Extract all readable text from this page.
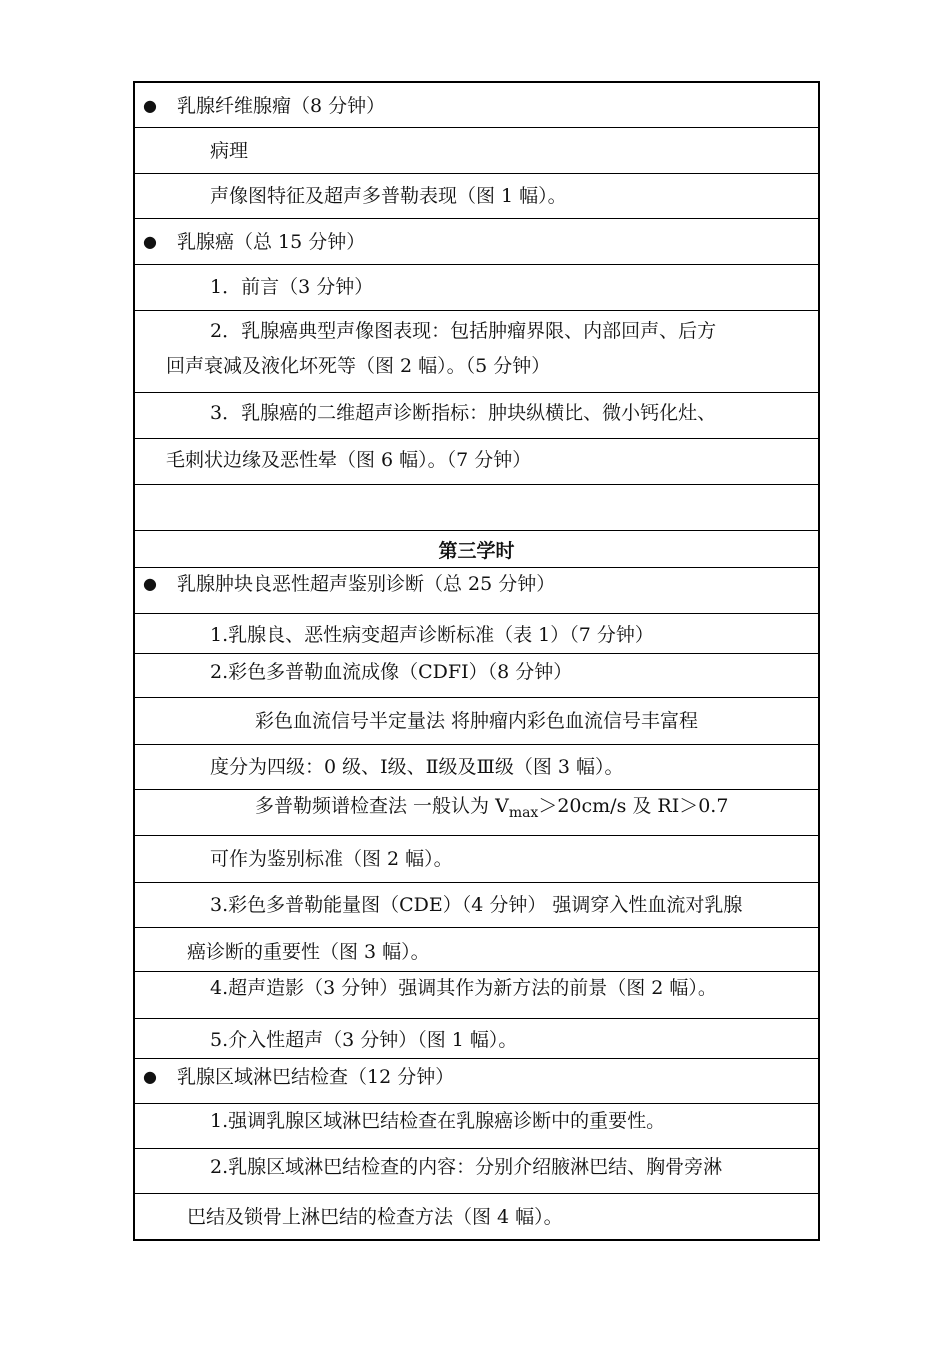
● 乳腺纤维腺瘤（8 分钟）
病理
声像图特征及超声多普勒表现（图 1 幅）。
● 乳腺癌（总 15 分钟）
1．前言（3 分钟）
2．乳腺癌典型声像图表现：包括肿瘤界限、内部回声、后方
回声衰减及液化坏死等（图 2 幅）。（5 分钟）
3．乳腺癌的二维超声诊断指标：肿块纵横比、微小钙化灶、
毛刺状边缘及恶性晕（图 6 幅）。（7 分钟）
第三学时
● 乳腺肿块良恶性超声鉴别诊断（总 25 分钟）
1.乳腺良、恶性病变超声诊断标准（表 1）（7 分钟）
2.彩色多普勒血流成像（CDFI）（8 分钟）
彩色血流信号半定量法 将肿瘤内彩色血流信号丰富程
度分为四级：0 级、Ⅰ级、Ⅱ级及Ⅲ级（图 3 幅）。
多普勒频谱检查法 一般认为 $V_{max}>20cm/s$ 及 RI＞0.7
可作为鉴别标准（图 2 幅）。
3.彩色多普勒能量图（CDE）（4 分钟） 强调穿入性血流对乳腺
癌诊断的重要性（图 3 幅）。
4.超声造影（3 分钟）强调其作为新方法的前景（图 2 幅）。
5.介入性超声（3 分钟）（图 1 幅）。
● 乳腺区域淋巴结检查（12 分钟）
1.强调乳腺区域淋巴结检查在乳腺癌诊断中的重要性。
2.乳腺区域淋巴结检查的内容：分别介绍腋淋巴结、胸骨旁淋
巴结及锁骨上淋巴结的检查方法（图 4 幅）。
